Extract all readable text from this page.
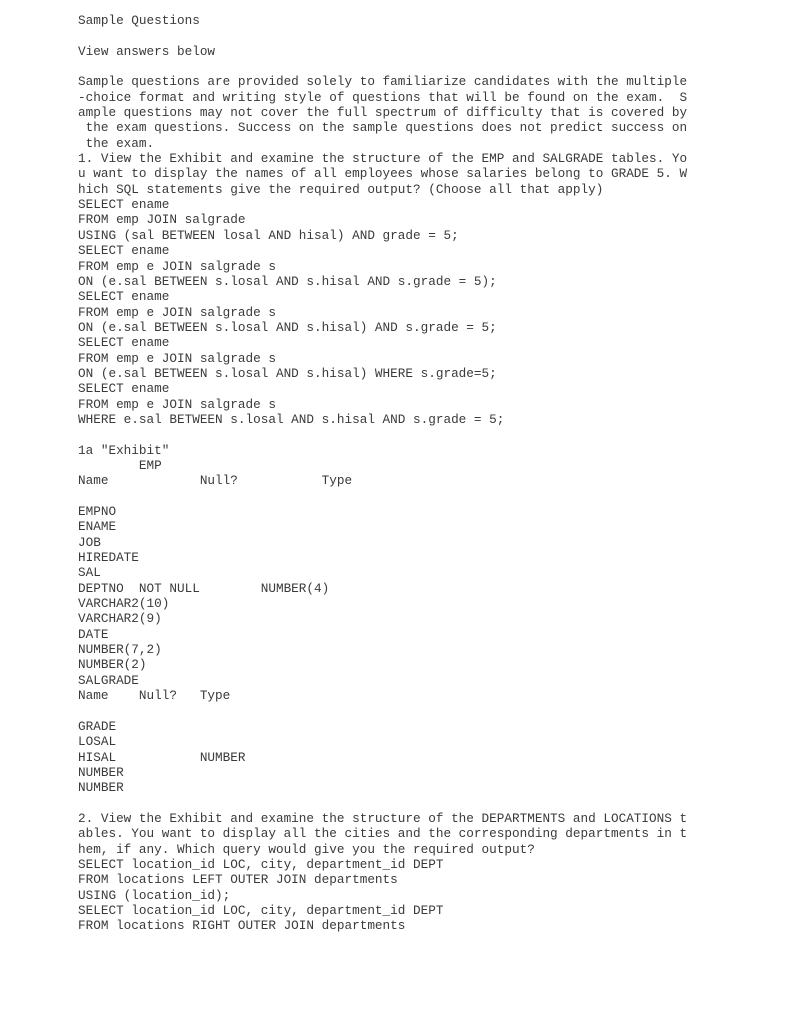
Sample Questions
View answers below
Sample questions are provided solely to familiarize candidates with the multiple
-choice format and writing style of questions that will be found on the exam.  S
ample questions may not cover the full spectrum of difficulty that is covered by
the exam questions. Success on the sample questions does not predict success on
the exam.
1. View the Exhibit and examine the structure of the EMP and SALGRADE tables. Yo
u want to display the names of all employees whose salaries belong to GRADE 5. W
hich SQL statements give the required output? (Choose all that apply)
SELECT ename
FROM emp JOIN salgrade
USING (sal BETWEEN losal AND hisal) AND grade = 5;
SELECT ename
FROM emp e JOIN salgrade s
ON (e.sal BETWEEN s.losal AND s.hisal AND s.grade = 5);
SELECT ename
FROM emp e JOIN salgrade s
ON (e.sal BETWEEN s.losal AND s.hisal) AND s.grade = 5;
SELECT ename
FROM emp e JOIN salgrade s
ON (e.sal BETWEEN s.losal AND s.hisal) WHERE s.grade=5;
SELECT ename
FROM emp e JOIN salgrade s
WHERE e.sal BETWEEN s.losal AND s.hisal AND s.grade = 5;
1a "Exhibit"
EMP
Name            Null?           Type
EMPNO
ENAME
JOB
HIREDATE
SAL
DEPTNO  NOT NULL        NUMBER(4)
VARCHAR2(10)
VARCHAR2(9)
DATE
NUMBER(7,2)
NUMBER(2)
SALGRADE
Name    Null?   Type
GRADE
LOSAL
HISAL           NUMBER
NUMBER
NUMBER
2. View the Exhibit and examine the structure of the DEPARTMENTS and LOCATIONS t
ables. You want to display all the cities and the corresponding departments in t
hem, if any. Which query would give you the required output?
SELECT location_id LOC, city, department_id DEPT
FROM locations LEFT OUTER JOIN departments
USING (location_id);
SELECT location_id LOC, city, department_id DEPT
FROM locations RIGHT OUTER JOIN departments
